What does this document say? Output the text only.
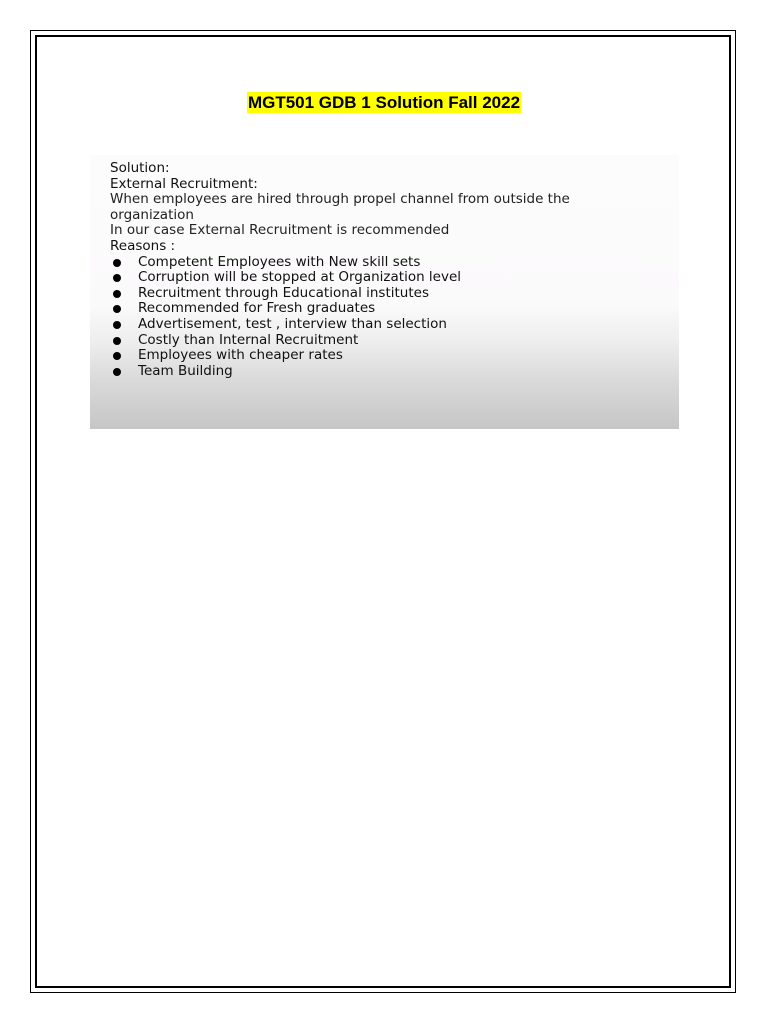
MGT501 GDB 1 Solution Fall 2022
Solution:
External Recruitment:
When employees are hired through propel channel from outside the
organization
In our case External Recruitment is recommended
Reasons :
Competent Employees with New skill sets
Corruption will be stopped at Organization level
Recruitment through Educational institutes
Recommended for Fresh graduates
Advertisement, test , interview than selection
Costly than Internal Recruitment
Employees with cheaper rates
Team Building
